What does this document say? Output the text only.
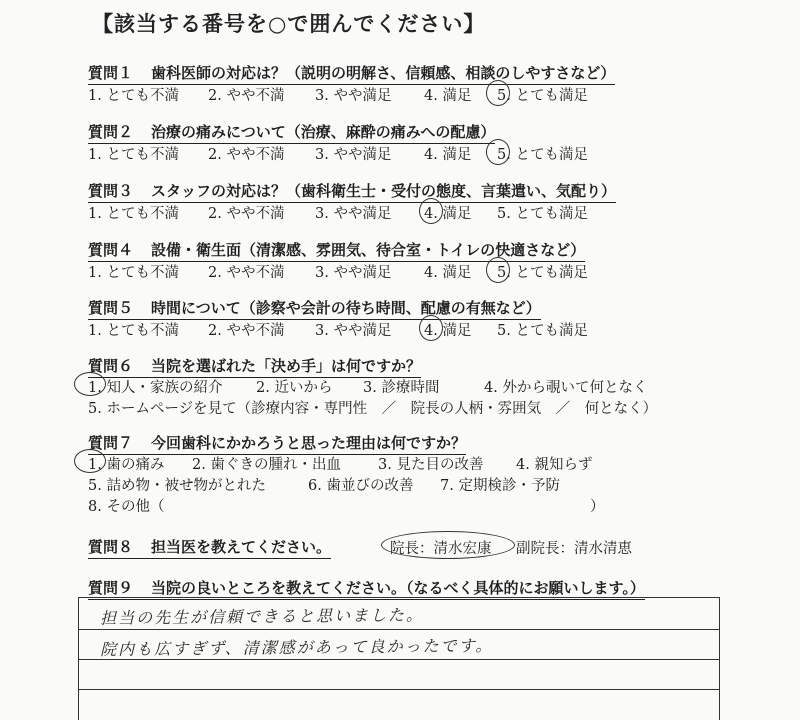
【該当する番号を○で囲んでください】
質問１ 歯科医師の対応は？（説明の明解さ、信頼感、相談のしやすさなど）
1. とても不満 2. やや不満 3. やや満足 4. 満足 5. とても満足
質問２ 治療の痛みについて（治療、麻酔の痛みへの配慮）
1. とても不満 2. やや不満 3. やや満足 4. 満足 5. とても満足
質問３ スタッフの対応は？（歯科衛生士・受付の態度、言葉遣い、気配り）
1. とても不満 2. やや不満 3. やや満足 4. 満足 5. とても満足
質問４ 設備・衛生面（清潔感、雰囲気、待合室・トイレの快適さなど）
1. とても不満 2. やや不満 3. やや満足 4. 満足 5. とても満足
質問５ 時間について（診察や会計の待ち時間、配慮の有無など）
1. とても不満 2. やや不満 3. やや満足 4. 満足 5. とても満足
質問６ 当院を選ばれた「決め手」は何ですか？
1. 知人・家族の紹介 2. 近いから 3. 診療時間	4. 外から覗いて何となく
5. ホームページを見て（診療内容・専門性　／　院長の人柄・雰囲気　／　何となく）
質問７ 今回歯科にかかろうと思った理由は何ですか？
1. 歯の痛み 2. 歯ぐきの腫れ・出血	3. 見た目の改善 4. 親知らず
5. 詰め物・被せ物がとれた	6. 歯並びの改善 7. 定期検診・予防
8. その他（	）
質問８ 担当医を教えてください。	院長：清水宏康 副院長：清水清恵
質問９ 当院の良いところを教えてください。（なるべく具体的にお願いします。）
担当の先生が信頼できると思いました。
院内も広すぎず、清潔感があって良かったです。
